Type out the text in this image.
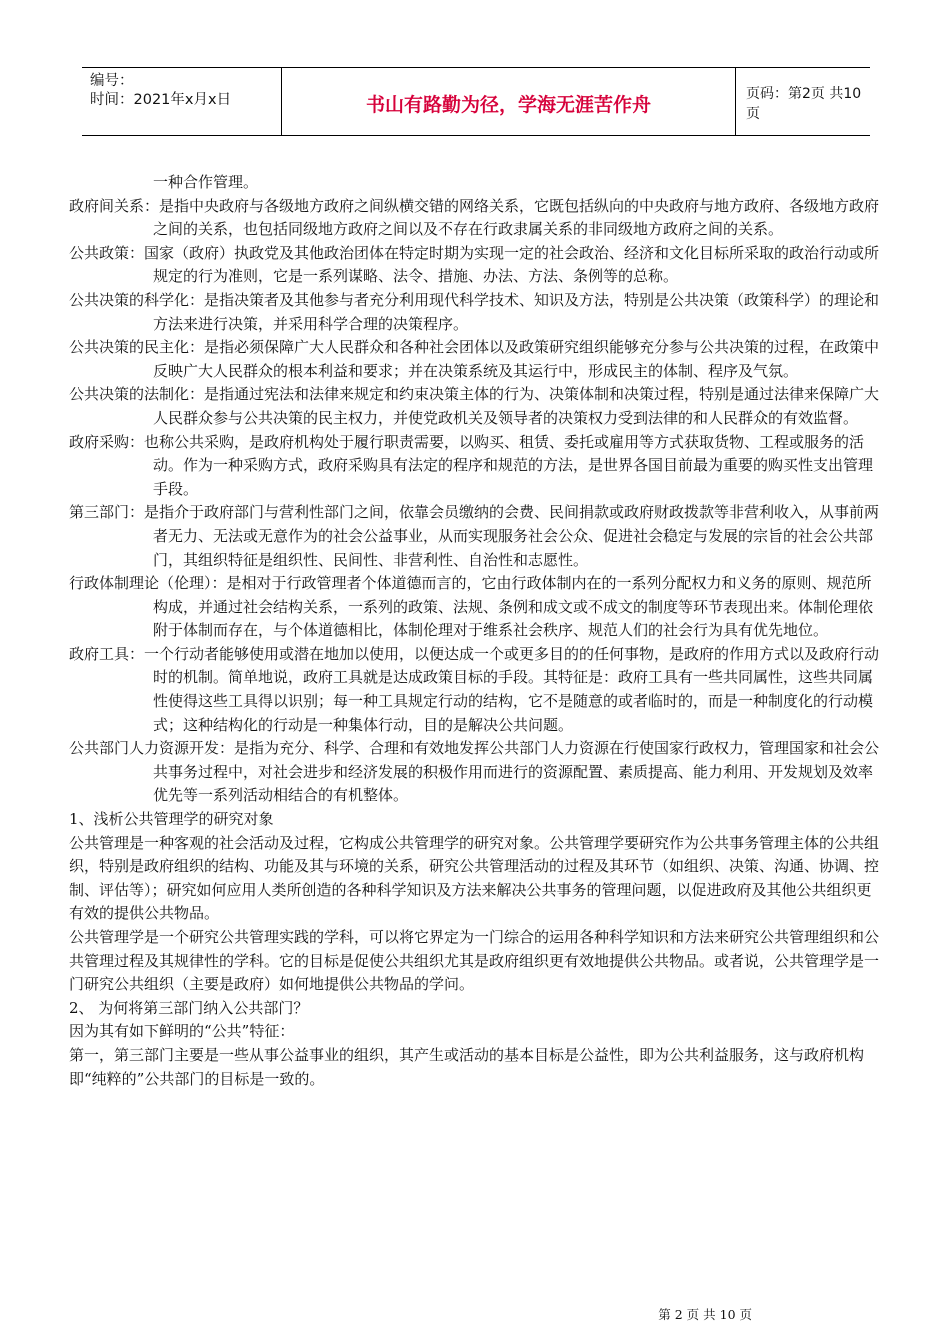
编号：
时间：2021年x月x日	书山有路勤为径，学海无涯苦作舟	页码：第2页 共10页

一种合作管理。

政府间关系：是指中央政府与各级地方政府之间纵横交错的网络关系，它既包括纵向的中央政府与地方政府、各级地方政府之间的关系，也包括同级地方政府之间以及不存在行政隶属关系的非同级地方政府之间的关系。

公共政策：国家（政府）执政党及其他政治团体在特定时期为实现一定的社会政治、经济和文化目标所采取的政治行动或所规定的行为准则，它是一系列谋略、法令、措施、办法、方法、条例等的总称。

公共决策的科学化：是指决策者及其他参与者充分利用现代科学技术、知识及方法，特别是公共决策（政策科学）的理论和方法来进行决策，并采用科学合理的决策程序。

公共决策的民主化：是指必须保障广大人民群众和各种社会团体以及政策研究组织能够充分参与公共决策的过程，在政策中反映广大人民群众的根本利益和要求；并在决策系统及其运行中，形成民主的体制、程序及气氛。

公共决策的法制化：是指通过宪法和法律来规定和约束决策主体的行为、决策体制和决策过程，特别是通过法律来保障广大人民群众参与公共决策的民主权力，并使党政机关及领导者的决策权力受到法律的和人民群众的有效监督。

政府采购：也称公共采购，是政府机构处于履行职责需要，以购买、租赁、委托或雇用等方式获取货物、工程或服务的活动。作为一种采购方式，政府采购具有法定的程序和规范的方法，是世界各国目前最为重要的购买性支出管理手段。

第三部门：是指介于政府部门与营利性部门之间，依靠会员缴纳的会费、民间捐款或政府财政拨款等非营利收入，从事前两者无力、无法或无意作为的社会公益事业，从而实现服务社会公众、促进社会稳定与发展的宗旨的社会公共部门，其组织特征是组织性、民间性、非营利性、自治性和志愿性。

行政体制理论（伦理）：是相对于行政管理者个体道德而言的，它由行政体制内在的一系列分配权力和义务的原则、规范所构成，并通过社会结构关系，一系列的政策、法规、条例和成文或不成文的制度等环节表现出来。体制伦理依附于体制而存在，与个体道德相比，体制伦理对于维系社会秩序、规范人们的社会行为具有优先地位。

政府工具：一个行动者能够使用或潜在地加以使用，以便达成一个或更多目的的任何事物，是政府的作用方式以及政府行动时的机制。简单地说，政府工具就是达成政策目标的手段。其特征是：政府工具有一些共同属性，这些共同属性使得这些工具得以识别；每一种工具规定行动的结构，它不是随意的或者临时的，而是一种制度化的行动模式；这种结构化的行动是一种集体行动，目的是解决公共问题。

公共部门人力资源开发：是指为充分、科学、合理和有效地发挥公共部门人力资源在行使国家行政权力，管理国家和社会公共事务过程中，对社会进步和经济发展的积极作用而进行的资源配置、素质提高、能力利用、开发规划及效率优先等一系列活动相结合的有机整体。

1、浅析公共管理学的研究对象

公共管理是一种客观的社会活动及过程，它构成公共管理学的研究对象。公共管理学要研究作为公共事务管理主体的公共组织，特别是政府组织的结构、功能及其与环境的关系，研究公共管理活动的过程及其环节（如组织、决策、沟通、协调、控制、评估等）；研究如何应用人类所创造的各种科学知识及方法来解决公共事务的管理问题，以促进政府及其他公共组织更有效的提供公共物品。

公共管理学是一个研究公共管理实践的学科，可以将它界定为一门综合的运用各种科学知识和方法来研究公共管理组织和公共管理过程及其规律性的学科。它的目标是促使公共组织尤其是政府组织更有效地提供公共物品。或者说，公共管理学是一门研究公共组织（主要是政府）如何地提供公共物品的学问。

2、 为何将第三部门纳入公共部门？

因为其有如下鲜明的“公共”特征：

第一，第三部门主要是一些从事公益事业的组织，其产生或活动的基本目标是公益性，即为公共利益服务，这与政府机构即“纯粹的”公共部门的目标是一致的。

第 2 页 共 10 页
